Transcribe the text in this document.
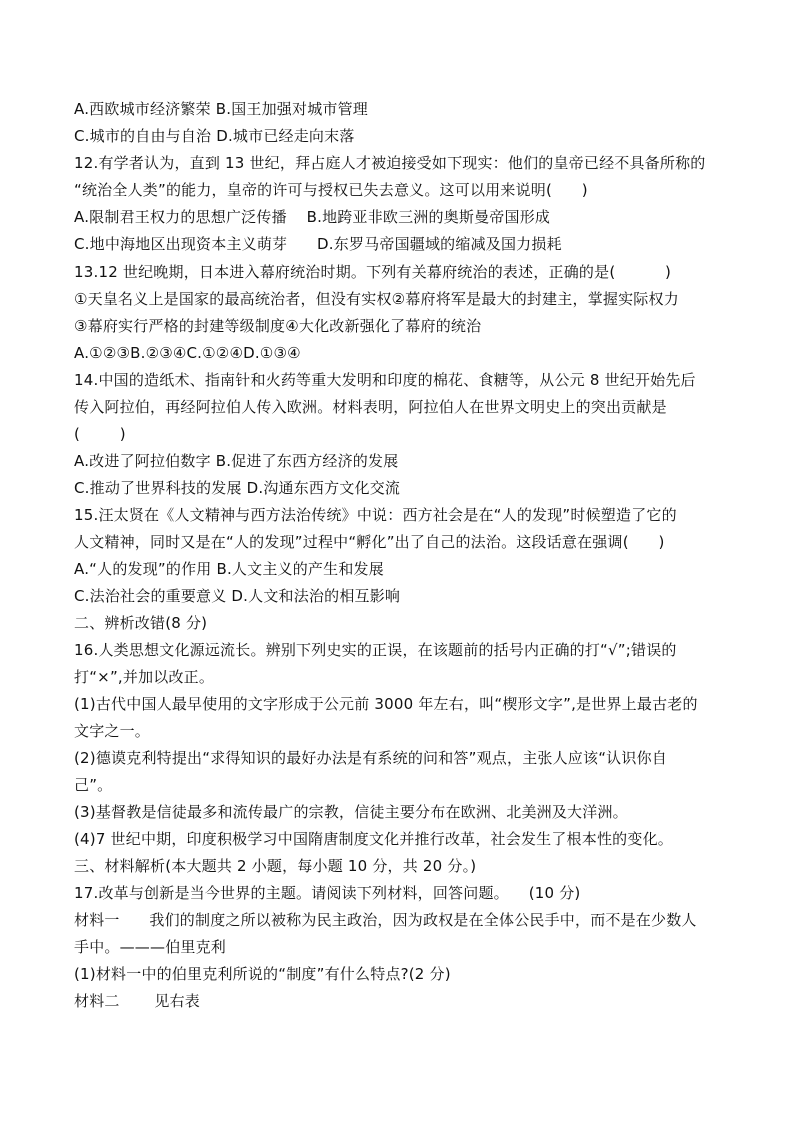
A.西欧城市经济繁荣 B.国王加强对城市管理
C.城市的自由与自治 D.城市已经走向末落
12.有学者认为，直到 13 世纪，拜占庭人才被迫接受如下现实：他们的皇帝已经不具备所称的
“统治全人类”的能力，皇帝的许可与授权已失去意义。这可以用来说明(      )
A.限制君王权力的思想广泛传播    B.地跨亚非欧三洲的奥斯曼帝国形成
C.地中海地区出现资本主义萌芽      D.东罗马帝国疆域的缩减及国力损耗
13.12 世纪晚期，日本进入幕府统治时期。下列有关幕府统治的表述，正确的是(          )
①天皇名义上是国家的最高统治者，但没有实权②幕府将军是最大的封建主，掌握实际权力
③幕府实行严格的封建等级制度④大化改新强化了幕府的统治
A.①②③B.②③④C.①②④D.①③④
14.中国的造纸术、指南针和火药等重大发明和印度的棉花、食糖等，从公元 8 世纪开始先后
传入阿拉伯，再经阿拉伯人传入欧洲。材料表明，阿拉伯人在世界文明史上的突出贡献是
(        )
A.改进了阿拉伯数字 B.促进了东西方经济的发展
C.推动了世界科技的发展 D.沟通东西方文化交流
15.汪太贤在《人文精神与西方法治传统》中说：西方社会是在“人的发现”时候塑造了它的
人文精神，同时又是在“人的发现”过程中“孵化”出了自己的法治。这段话意在强调(      )
A.“人的发现”的作用 B.人文主义的产生和发展
C.法治社会的重要意义 D.人文和法治的相互影响
二、辨析改错(8 分)
16.人类思想文化源远流长。辨别下列史实的正误，在该题前的括号内正确的打“√”;错误的
打“×”,并加以改正。
(1)古代中国人最早使用的文字形成于公元前 3000 年左右，叫“楔形文字”,是世界上最古老的
文字之一。
(2)德谟克利特提出“求得知识的最好办法是有系统的问和答”观点，主张人应该“认识你自
己”。
(3)基督教是信徒最多和流传最广的宗教，信徒主要分布在欧洲、北美洲及大洋洲。
(4)7 世纪中期，印度积极学习中国隋唐制度文化并推行改革，社会发生了根本性的变化。
三、材料解析(本大题共 2 小题，每小题 10 分，共 20 分。)
17.改革与创新是当今世界的主题。请阅读下列材料，回答问题。    (10 分)
材料一      我们的制度之所以被称为民主政治，因为政权是在全体公民手中，而不是在少数人
手中。———伯里克利
(1)材料一中的伯里克利所说的“制度”有什么特点?(2 分)
材料二       见右表
